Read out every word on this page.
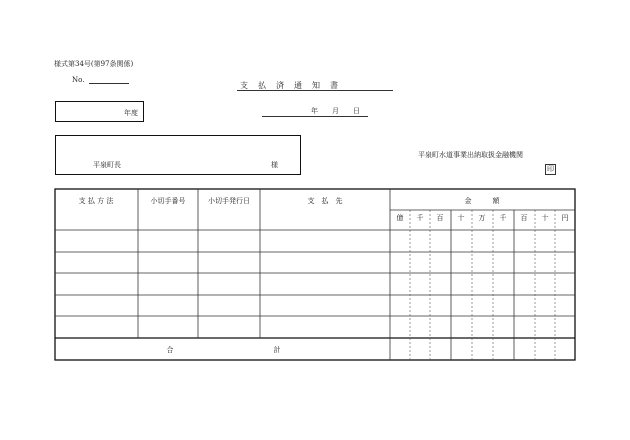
様式第34号(第97条関係)
No.
支　払　済　通　知　書
年度	年　　月　　日
平泉町長	様
平泉町水道事業出納取扱金融機関
印
支 払 方 法	小切手番号	小切手発行日	支　払　先	金　　　額
億 千 百 十 万 千 百 十 円
合	計
